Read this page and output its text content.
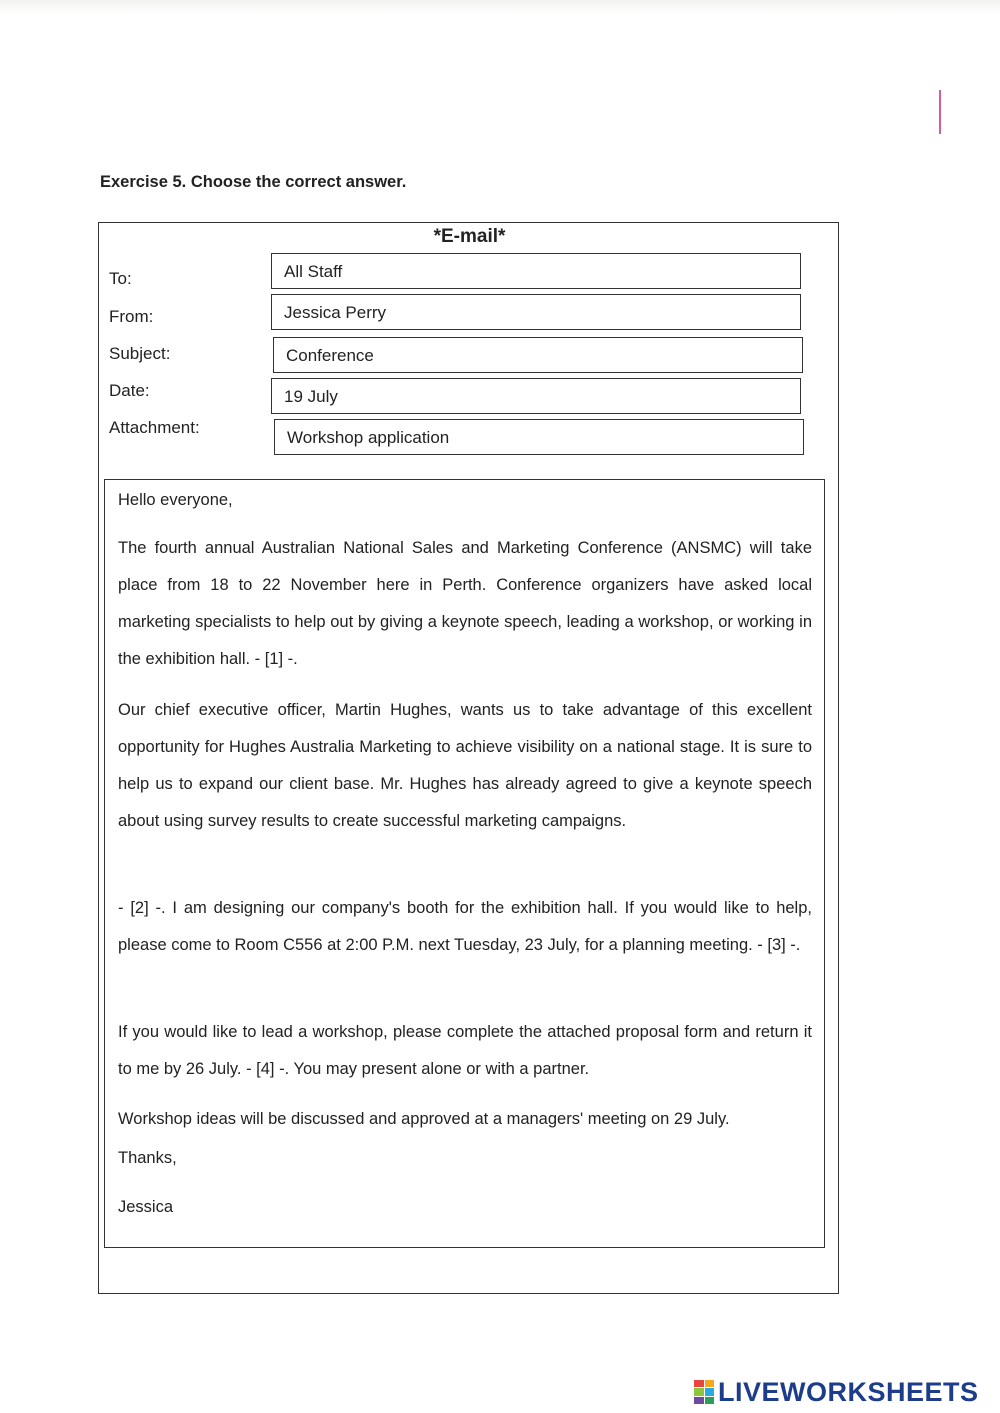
Exercise 5. Choose the correct answer.
*E-mail*
To:	All Staff
From:	Jessica Perry
Subject:	Conference
Date:	19 July
Attachment:
Workshop application
Hello everyone,
The fourth annual Australian National Sales and Marketing Conference (ANSMC) will take place from 18 to 22 November here in Perth. Conference organizers have asked local marketing specialists to help out by giving a keynote speech, leading a workshop, or working in the exhibition hall. - [1] -.
Our chief executive officer, Martin Hughes, wants us to take advantage of this excellent opportunity for Hughes Australia Marketing to achieve visibility on a national stage. It is sure to help us to expand our client base. Mr. Hughes has already agreed to give a keynote speech about using survey results to create successful marketing campaigns.
- [2] -. I am designing our company's booth for the exhibition hall. If you would like to help, please come to Room C556 at 2:00 P.M. next Tuesday, 23 July, for a planning meeting. - [3] -.
If you would like to lead a workshop, please complete the attached proposal form and return it to me by 26 July. - [4] -. You may present alone or with a partner.
Workshop ideas will be discussed and approved at a managers' meeting on 29 July.
Thanks,
Jessica
LIVEWORKSHEETS
